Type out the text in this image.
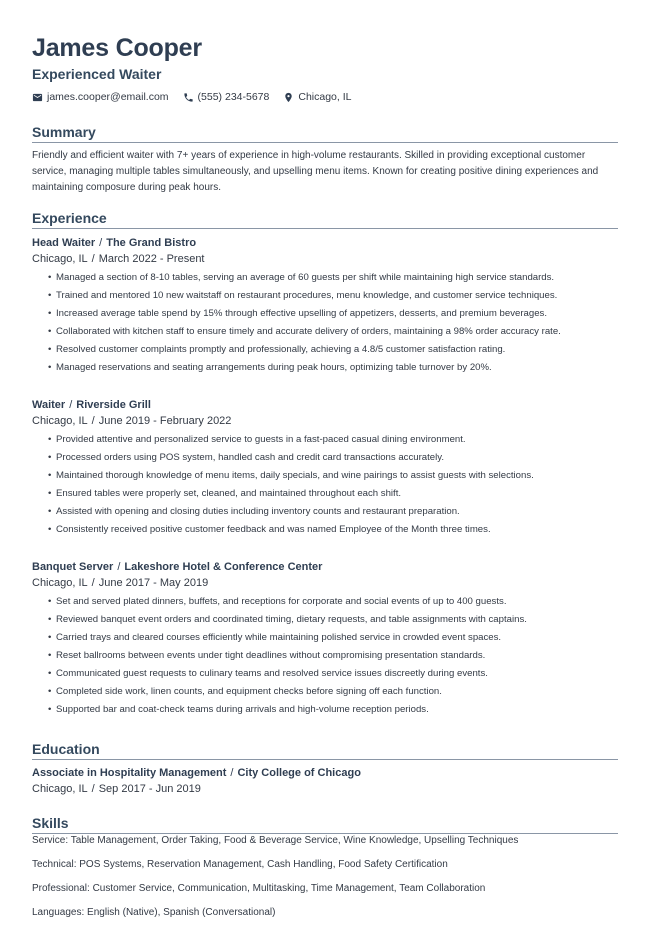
James Cooper
Experienced Waiter
james.cooper@email.com	(555) 234-5678	Chicago, IL
Summary
Friendly and efficient waiter with 7+ years of experience in high-volume restaurants. Skilled in providing exceptional customer service, managing multiple tables simultaneously, and upselling menu items. Known for creating positive dining experiences and maintaining composure during peak hours.
Experience
Head Waiter / The Grand Bistro
Chicago, IL / March 2022 - Present
• Managed a section of 8-10 tables, serving an average of 60 guests per shift while maintaining high service standards.
• Trained and mentored 10 new waitstaff on restaurant procedures, menu knowledge, and customer service techniques.
• Increased average table spend by 15% through effective upselling of appetizers, desserts, and premium beverages.
• Collaborated with kitchen staff to ensure timely and accurate delivery of orders, maintaining a 98% order accuracy rate.
• Resolved customer complaints promptly and professionally, achieving a 4.8/5 customer satisfaction rating.
• Managed reservations and seating arrangements during peak hours, optimizing table turnover by 20%.
Waiter / Riverside Grill
Chicago, IL / June 2019 - February 2022
• Provided attentive and personalized service to guests in a fast-paced casual dining environment.
• Processed orders using POS system, handled cash and credit card transactions accurately.
• Maintained thorough knowledge of menu items, daily specials, and wine pairings to assist guests with selections.
• Ensured tables were properly set, cleaned, and maintained throughout each shift.
• Assisted with opening and closing duties including inventory counts and restaurant preparation.
• Consistently received positive customer feedback and was named Employee of the Month three times.
Banquet Server / Lakeshore Hotel & Conference Center
Chicago, IL / June 2017 - May 2019
• Set and served plated dinners, buffets, and receptions for corporate and social events of up to 400 guests.
• Reviewed banquet event orders and coordinated timing, dietary requests, and table assignments with captains.
• Carried trays and cleared courses efficiently while maintaining polished service in crowded event spaces.
• Reset ballrooms between events under tight deadlines without compromising presentation standards.
• Communicated guest requests to culinary teams and resolved service issues discreetly during events.
• Completed side work, linen counts, and equipment checks before signing off each function.
• Supported bar and coat-check teams during arrivals and high-volume reception periods.
Education
Associate in Hospitality Management / City College of Chicago
Chicago, IL / Sep 2017 - Jun 2019
Skills
Service: Table Management, Order Taking, Food & Beverage Service, Wine Knowledge, Upselling Techniques
Technical: POS Systems, Reservation Management, Cash Handling, Food Safety Certification
Professional: Customer Service, Communication, Multitasking, Time Management, Team Collaboration
Languages: English (Native), Spanish (Conversational)
